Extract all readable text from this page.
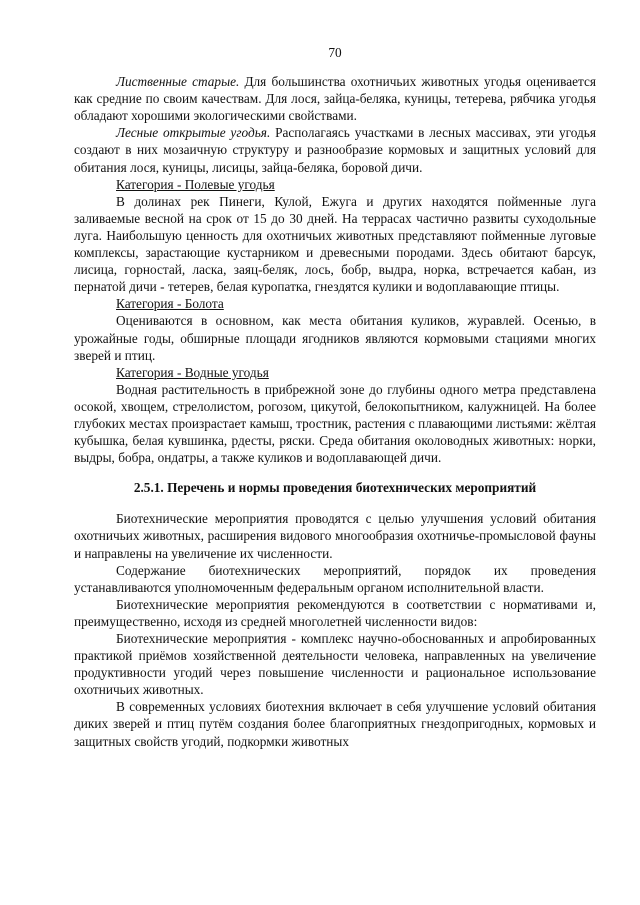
70

Лиственные старые. Для большинства охотничьих животных угодья оценивается как средние по своим качествам. Для лося, зайца-беляка, куницы, тетерева, рябчика угодья обладают хорошими экологическими свойствами.

Лесные открытые угодья. Располагаясь участками в лесных массивах, эти угодья создают в них мозаичную структуру и разнообразие кормовых и защитных условий для обитания лося, куницы, лисицы, зайца-беляка, боровой дичи.

Категория - Полевые угодья

В долинах рек Пинеги, Кулой, Ежуга и других находятся пойменные луга заливаемые весной на срок от 15 до 30 дней. На террасах частично развиты суходольные луга. Наибольшую ценность для охотничьих животных представляют пойменные луговые комплексы, зарастающие кустарником и древесными породами. Здесь обитают барсук, лисица, горностай, ласка, заяц-беляк, лось, бобр, выдра, норка, встречается кабан, из пернатой дичи - тетерев, белая куропатка, гнездятся кулики и водоплавающие птицы.

Категория - Болота

Оцениваются в основном, как места обитания куликов, журавлей. Осенью, в урожайные годы, обширные площади ягодников являются кормовыми стациями многих зверей и птиц.

Категория - Водные угодья

Водная растительность в прибрежной зоне до глубины одного метра представлена осокой, хвощем, стрелолистом, рогозом, цикутой, белокопытником, калужницей. На более глубоких местах произрастает камыш, тростник, растения с плавающими листьями: жёлтая кубышка, белая кувшинка, рдесты, ряски. Среда обитания околоводных животных: норки, выдры, бобра, ондатры, а также куликов и водоплавающей дичи.

2.5.1. Перечень и нормы проведения биотехнических мероприятий

Биотехнические мероприятия проводятся с целью улучшения условий обитания охотничьих животных, расширения видового многообразия охотничье-промысловой фауны и направлены на увеличение их численности.

Содержание биотехнических мероприятий, порядок их проведения устанавливаются уполномоченным федеральным органом исполнительной власти.

Биотехнические мероприятия рекомендуются в соответствии с нормативами и, преимущественно, исходя из средней многолетней численности видов:

Биотехнические мероприятия - комплекс научно-обоснованных и апробированных практикой приёмов хозяйственной деятельности человека, направленных на увеличение продуктивности угодий через повышение численности и рациональное использование охотничьих животных.

В современных условиях биотехния включает в себя улучшение условий обитания диких зверей и птиц путём создания более благоприятных гнездопригодных, кормовых и защитных свойств угодий, подкормки животных
